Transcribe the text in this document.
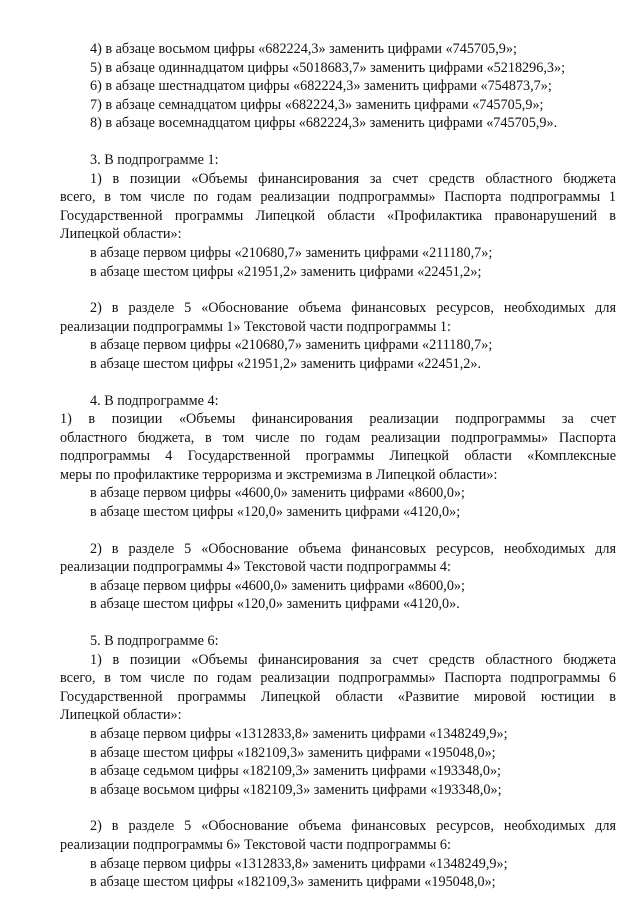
4) в абзаце восьмом цифры «682224,3» заменить цифрами «745705,9»;

5) в абзаце одиннадцатом цифры «5018683,7» заменить цифрами «5218296,3»;

6) в абзаце шестнадцатом цифры «682224,3» заменить цифрами «754873,7»;

7) в абзаце семнадцатом цифры «682224,3» заменить цифрами «745705,9»;

8) в абзаце восемнадцатом цифры «682224,3» заменить цифрами «745705,9».

3. В подпрограмме 1:

1) в позиции «Объемы финансирования за счет средств областного бюджета

всего, в том числе по годам реализации подпрограммы» Паспорта подпрограммы 1

Государственной программы Липецкой области «Профилактика правонарушений в

Липецкой области»:

в абзаце первом цифры «210680,7» заменить цифрами «211180,7»;

в абзаце шестом цифры «21951,2» заменить цифрами «22451,2»;

2) в разделе 5 «Обоснование объема финансовых ресурсов, необходимых для

реализации подпрограммы 1» Текстовой части подпрограммы 1:

в абзаце первом цифры «210680,7» заменить цифрами «211180,7»;

в абзаце шестом цифры «21951,2» заменить цифрами «22451,2».

4. В подпрограмме 4:

1) в позиции «Объемы финансирования реализации подпрограммы за счет

областного бюджета, в том числе по годам реализации подпрограммы» Паспорта

подпрограммы 4 Государственной программы Липецкой области «Комплексные

меры по профилактике терроризма и экстремизма в Липецкой области»:

в абзаце первом цифры «4600,0» заменить цифрами «8600,0»;

в абзаце шестом цифры «120,0» заменить цифрами «4120,0»;

2) в разделе 5 «Обоснование объема финансовых ресурсов, необходимых для

реализации подпрограммы 4» Текстовой части подпрограммы 4:

в абзаце первом цифры «4600,0» заменить цифрами «8600,0»;

в абзаце шестом цифры «120,0» заменить цифрами «4120,0».

5. В подпрограмме 6:

1) в позиции «Объемы финансирования за счет средств областного бюджета

всего, в том числе по годам реализации подпрограммы» Паспорта подпрограммы 6

Государственной программы Липецкой области «Развитие мировой юстиции в

Липецкой области»:

в абзаце первом цифры «1312833,8» заменить цифрами «1348249,9»;

в абзаце шестом цифры «182109,3» заменить цифрами «195048,0»;

в абзаце седьмом цифры «182109,3» заменить цифрами «193348,0»;

в абзаце восьмом цифры «182109,3» заменить цифрами «193348,0»;

2) в разделе 5 «Обоснование объема финансовых ресурсов, необходимых для

реализации подпрограммы 6» Текстовой части подпрограммы 6:

в абзаце первом цифры «1312833,8» заменить цифрами «1348249,9»;

в абзаце шестом цифры «182109,3» заменить цифрами «195048,0»;
